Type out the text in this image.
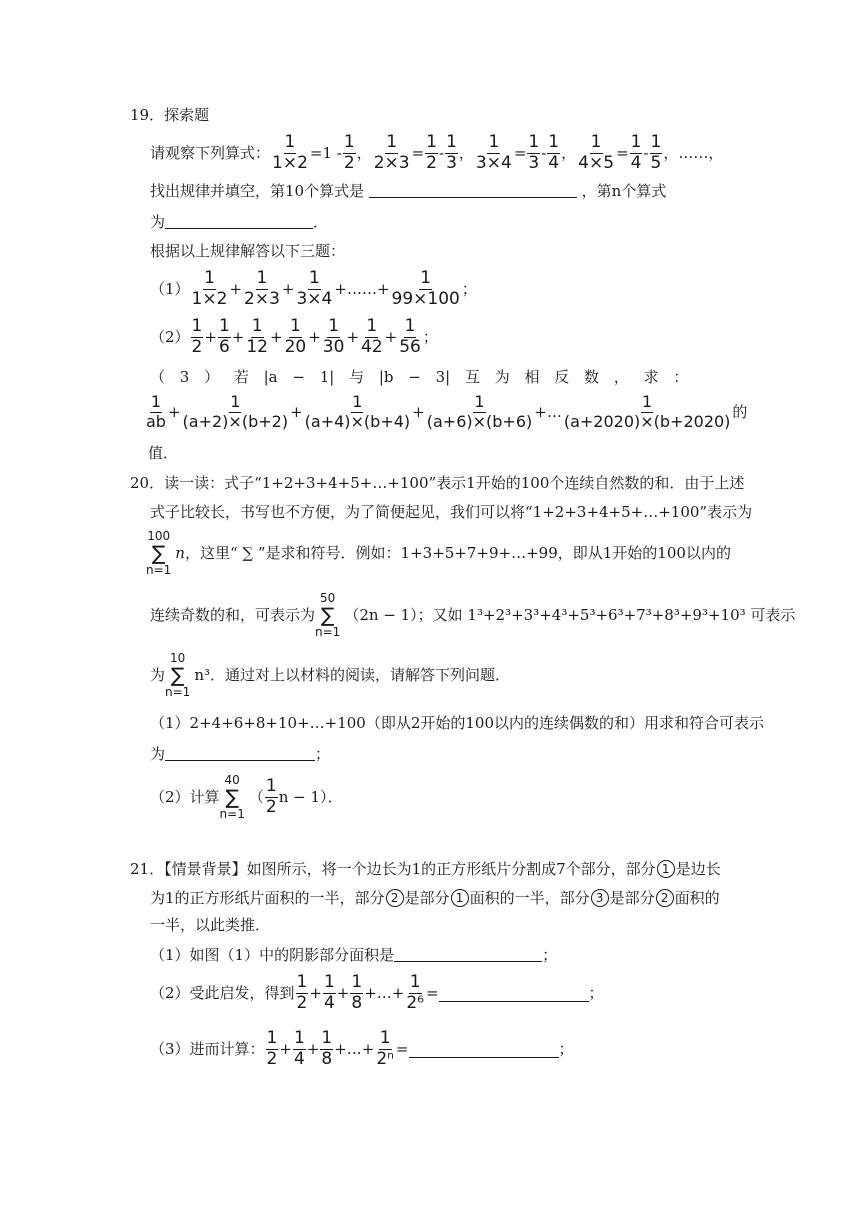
19．探索题
请观察下列算式： $\frac{1}{1\times 2} =1 - \frac{1}{2}$ ， $\frac{1}{2\times 3} = \frac{1}{2} - \frac{1}{3}$ ， $\frac{1}{3\times 4} = \frac{1}{3} - \frac{1}{4}$ ， $\frac{1}{4\times 5} = \frac{1}{4} - \frac{1}{5}$ ，……，
找出规律并填空，第10个算式是	，第n个算式
为	．
根据以上规律解答以下三题：
$(1) \frac{1}{1\times 2} + \frac{1}{2\times 3} + \frac{1}{3\times 4}$ +……+ $\frac{1}{99\times 100}$ ；
$(2) \frac{1}{2} + \frac{1}{6} + \frac{1}{12} + \frac{1}{20} + \frac{1}{30} + \frac{1}{42} + \frac{1}{56}$ ；
（ 3 ） 若 |a − 1| 与 |b − 3| 互 为 相 反 数 ， 求 ：
$\frac{1}{ab} + \frac{1}{(a+2)\times(b+2)} + \frac{1}{(a+4)\times(b+4)} + \frac{1}{(a+6)\times(b+6)}$ +… $\frac{1}{(a+2020)\times(b+2020)}$ 的
值．
20．读一读：式子“1+2+3+4+5+…+100”表示1开始的100个连续自然数的和．由于上述
式子比较长，书写也不方便，为了简便起见，我们可以将“1+2+3+4+5+…+100”表示为
100
∑
n=1
n ，这里“ ∑ ”是求和符号．例如：1+3+5+7+9+…+99，即从1开始的100以内的
连续奇数的和，可表示为
50
∑
n=1
（2n − 1）；又如 1³+2³+3³+4³+5³+6³+7³+8³+9³+10³ 可表示
为
10
∑
n=1
n³．通过对上以材料的阅读，请解答下列问题．
（1）2+4+6+8+10+…+100（即从2开始的100以内的连续偶数的和）用求和符合可表示
为	；
（2）计算
40
∑
n=1
（ $\frac{1}{2}$ n − 1）．
21．【情景背景】如图所示，将一个边长为1的正方形纸片分割成7个部分，部分 1 是边长
为1的正方形纸片面积的一半，部分 2 是部分 1 面积的一半，部分 3 是部分 2 面积的
一半，以此类推．
（1）如图（1）中的阴影部分面积是	；
（2）受此启发，得到 $\frac{1}{2} + \frac{1}{4} + \frac{1}{8}$ +…+ $\frac{1}{\text{2⁶}}$ =	；
（3）进而计算： $\frac{1}{2} + \frac{1}{4} + \frac{1}{8}$ +…+ $\frac{1}{\text{2ⁿ}}$ =	；
